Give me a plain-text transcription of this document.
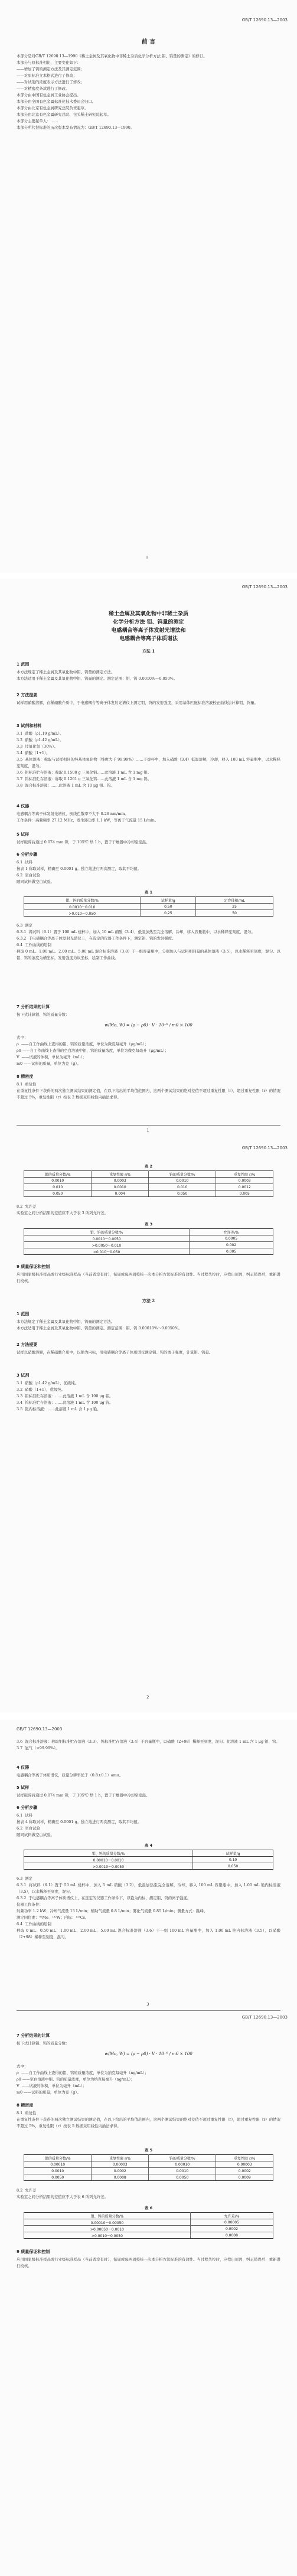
GB/T 12690.13—2003
前 言
本部分是对GB/T 12690.13—1990《稀土金属及其氧化物中非稀土杂质化学分析方法 钼、钨量的测定》的修订。
本部分与原标准相比，主要变化如下：
——增加了钨的测定方法及其测定范围；
——对原标准文本格式进行了修改；
——对试剂的浓度表示方法进行了修改；
——对精密度条款进行了修改。
本部分由中国有色金属工业协会提出。
本部分由全国有色金属标准化技术委员会归口。
本部分由北京有色金属研究总院负责起草。
本部分由北京有色金属研究总院、包头稀土研究院起草。
本部分主要起草人：……
本部分所代替标准的历次版本发布情况为：GB/T 12690.13—1990。
I
GB/T 12690.13—2003
稀土金属及其氧化物中非稀土杂质
化学分析方法 钼、钨量的测定
电感耦合等离子体发射光谱法和
电感耦合等离子体质谱法
方法 1
1 范围
本方法规定了稀土金属及其氧化物中钼、钨量的测定方法。
本方法适用于稀土金属及其氧化物中钼、钨量的测定。测定范围：钼、钨 0.0010%～0.050%。
2 方法提要
试样用硝酸溶解，在稀硝酸介质中，于电感耦合等离子体发射光谱仪上测定钼、钨的发射强度，采用基体匹配标准溶液校正曲线法计算钼、钨量。
3 试剂和材料
3.1  盐酸（ρ1.19 g/mL）。
3.2  硝酸（ρ1.42 g/mL）。
3.3  过氧化氢（30%）。
3.4  硝酸（1+1）。
3.5  基体溶液：称取与试样相同的纯基体氧化物（纯度大于 99.99%）……于烧杯中，加入硝酸（3.4）低温溶解，冷却，移入 100 mL 容量瓶中，以水稀释至刻度，混匀。
3.6  钼标准贮存溶液：称取 0.1500 g 三氧化钼……此溶液 1 mL 含 1 mg 钼。
3.7  钨标准贮存溶液：称取 0.1261 g 三氧化钨……此溶液 1 mL 含 1 mg 钨。
3.8  混合标准溶液：……此溶液 1 mL 含 10 μg 钼、钨。
4 仪器
电感耦合等离子体发射光谱仪，倒线色散率不大于 0.26 nm/mm。
工作条件：高频频率 27.12 MHz，发生器功率 1.1 kW，等离子气流量 15 L/min。
5 试样
试样破碎后通过 0.074 mm 筛，于 105℃ 烘 1 h，置于干燥器中冷却至室温。
6 分析步骤
6.1  试料
按表 1 称取试样，精确至 0.0001 g。独立地进行两次测定，取其平均值。
6.2  空白试验
随同试料做空白试验。
表 1
钼、钨的质量分数/%	试样量/g	定容体积/mL
0.0010～0.010	0.50	25
>0.010～0.050	0.25	50
6.3  测定
6.3.1  将试料（6.1）置于 100 mL 烧杯中，加入 10 mL 硝酸（3.4），低温加热至完全溶解，冷却，移入容量瓶中，以水稀释至刻度，混匀。
6.3.2  于电感耦合等离子体发射光谱仪上，在选定的仪器工作条件下，测定钼、钨的发射强度。
6.4  工作曲线的绘制
移取 0 mL、1.00 mL、2.00 mL、5.00 mL 混合标准溶液（3.8）于一组容量瓶中，分别加入与试料相同量的基体溶液（3.5），以水稀释至刻度，混匀。以钼、钨的浓度为横坐标，发射强度为纵坐标，绘制工作曲线。
7 分析结果的计算
按下式计算钼、钨的质量分数：
w(Mo, W) = (ρ − ρ0) · V · 10⁻⁶ / m0 × 100
式中：
ρ  ——自工作曲线上查得的钼、钨的质量浓度，单位为微克每毫升（μg/mL）；
ρ0 ——自工作曲线上查得的空白溶液中钼、钨的质量浓度，单位为微克每毫升（μg/mL）；
V  ——试液的体积，单位为毫升（mL）；
m0 ——试料的质量，单位为克（g）。
8 精密度
8.1  重复性
在重复性条件下获得的两次独立测试结果的测定值，在以下给出的平均值范围内，这两个测试结果的绝对差值不超过重复性限（r），超过重复性限（r）的情况不超过 5%，重复性限（r）按表 2 数据采用线性内插法求得。
1
GB/T 12690.13—2003
表 2
钼的质量分数/%	重复性限 r/%	钨的质量分数/%	重复性限 r/%
0.0010	0.0003	0.0010	0.0003
0.010	0.0010	0.010	0.0012
0.050	0.004	0.050	0.005
8.2  允许差
实验室之间分析结果的差值应不大于表 3 所列允许差。
表 3
钼、钨的质量分数/%	允许差/%
0.0010～0.0050	0.0005
>0.0050～0.010	0.002
>0.010～0.050	0.005
9 质量保证和控制
应用国家级标准样品或行业级标准样品（当前者没有时），每周或每两周校核一次本分析方法标准的有效性。当过程失控时，应找出原因，纠正错误后，重新进行校核。
方法 2
1 范围
本方法规定了稀土金属及其氧化物中钼、钨量的测定方法。
本方法适用于稀土金属及其氧化物中钼、钨量的测定。测定范围：钼、钨 0.00010%～0.0050%。
2 方法提要
试样以硝酸溶解，在稀硝酸介质中，以铯为内标，用电感耦合等离子体质谱仪测定钼、钨的离子强度，计算钼、钨量。
3 试剂
3.1  硝酸（ρ1.42 g/mL），优级纯。
3.2  硝酸（1+1），优级纯。
3.3  钼标准贮存溶液：……此溶液 1 mL 含 100 μg 钼。
3.4  钨标准贮存溶液：……此溶液 1 mL 含 100 μg 钨。
3.5  铯内标溶液：……此溶液 1 mL 含 1 μg 铯。
2
GB/T 12690.13—2003
3.6  混合标准溶液：移取钼标准贮存溶液（3.3）、钨标准贮存溶液（3.4）于容量瓶中，以硝酸（2+98）稀释至刻度，混匀。此溶液 1 mL 含 1 μg 钼、钨。
3.7  氩气（>99.99%）。
4 仪器
电感耦合等离子体质谱仪，质量分辨率优于（0.8±0.1）amu。
5 试样
试样破碎后通过 0.074 mm 筛，于 105℃ 烘 1 h，置于干燥器中冷却至室温。
6 分析步骤
6.1  试料
按表 4 称取试样，精确至 0.0001 g。独立地进行两次测定，取其平均值。
6.2  空白试验
随同试料做空白试验。
表 4
钼、钨的质量分数/%	试样量/g
0.00010～0.0010	0.10
>0.0010～0.0050	0.050
6.3  测定
6.3.1  将试料（6.1）置于 50 mL 烧杯中，加入 5 mL 硝酸（3.2），低温加热至完全溶解，冷却，移入 100 mL 容量瓶中，加入 1.00 mL 铯内标溶液（3.5），以水稀释至刻度，混匀。
6.3.2  于电感耦合等离子体质谱仪上，在选定的仪器工作条件下，以铯为内标，测定钼、钨的离子强度。
仪器工作条件：
射频功率 1.2 kW；冷却气流量 13 L/min；辅助气流量 0.8 L/min；雾化气流量 0.85 L/min；测量方式：跳峰。
测定同位素：⁹⁵Mo、¹⁸²W；内标：¹³³Cs。
6.4  工作曲线的绘制
移取 0 mL、0.50 mL、1.00 mL、2.00 mL、5.00 mL 混合标准溶液（3.6）于一组 100 mL 容量瓶中，加入 1.00 mL 铯内标溶液（3.5），以硝酸（2+98）稀释至刻度，混匀。
3
GB/T 12690.13—2003
7 分析结果的计算
按下式计算钼、钨的质量分数：
w(Mo, W) = (ρ − ρ0) · V · 10⁻⁶ / m0 × 100
式中：
ρ  ——自工作曲线上查得的钼、钨的质量浓度，单位为纳克每毫升（ng/mL）；
ρ0 ——空白溶液中钼、钨的质量浓度，单位为纳克每毫升（ng/mL）；
V  ——试液的体积，单位为毫升（mL）；
m0 ——试料的质量，单位为克（g）。
8 精密度
8.1  重复性
在重复性条件下获得的两次独立测试结果的测定值，在以下给出的平均值范围内，这两个测试结果的绝对差值不超过重复性限（r），超过重复性限（r）的情况不超过 5%，重复性限（r）按表 5 数据采用线性内插法求得。
表 5
钼的质量分数/%	重复性限 r/%	钨的质量分数/%	重复性限 r/%
0.00010	0.00003	0.00010	0.00003
0.0010	0.0002	0.0010	0.0002
0.0050	0.0008	0.0050	0.0009
8.2  允许差
实验室之间分析结果的差值应不大于表 6 所列允许差。
表 6
钼、钨的质量分数/%	允许差/%
0.00010～0.00050	0.00005
>0.00050～0.0010	0.0002
>0.0010～0.0050	0.0008
9 质量保证和控制
应用国家级标准样品或行业级标准样品（当前者没有时），每周或每两周校核一次本分析方法标准的有效性。当过程失控时，应找出原因，纠正错误后，重新进行校核。
